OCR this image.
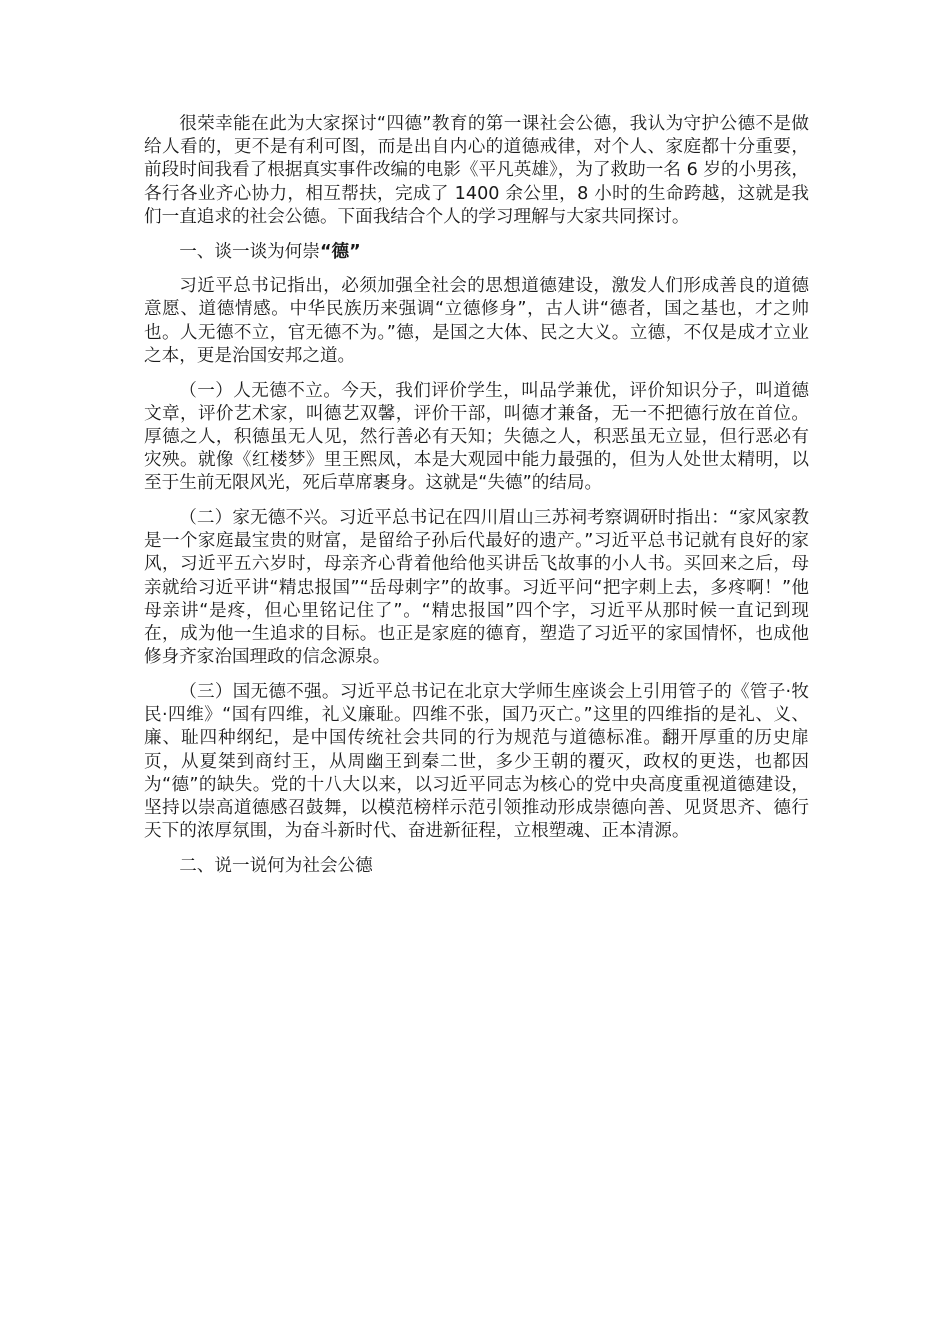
很荣幸能在此为大家探讨“四德”教育的第一课社会公德，我认为守护公德不是做给人看的，更不是有利可图，而是出自内心的道德戒律，对个人、家庭都十分重要，前段时间我看了根据真实事件改编的电影《平凡英雄》，为了救助一名 6 岁的小男孩，各行各业齐心协力，相互帮扶，完成了 1400 余公里，8 小时的生命跨越，这就是我们一直追求的社会公德。下面我结合个人的学习理解与大家共同探讨。

一、谈一谈为何崇“德”

习近平总书记指出，必须加强全社会的思想道德建设，激发人们形成善良的道德意愿、道德情感。中华民族历来强调“立德修身”，古人讲“德者，国之基也，才之帅也。人无德不立，官无德不为。”德，是国之大体、民之大义。立德，不仅是成才立业之本，更是治国安邦之道。

（一）人无德不立。今天，我们评价学生，叫品学兼优，评价知识分子，叫道德文章，评价艺术家，叫德艺双馨，评价干部，叫德才兼备，无一不把德行放在首位。厚德之人，积德虽无人见，然行善必有天知；失德之人，积恶虽无立显，但行恶必有灾殃。就像《红楼梦》里王熙凤，本是大观园中能力最强的，但为人处世太精明，以至于生前无限风光，死后草席裹身。这就是“失德”的结局。

（二）家无德不兴。习近平总书记在四川眉山三苏祠考察调研时指出：“家风家教是一个家庭最宝贵的财富，是留给子孙后代最好的遗产。”习近平总书记就有良好的家风，习近平五六岁时，母亲齐心背着他给他买讲岳飞故事的小人书。买回来之后，母亲就给习近平讲“精忠报国”“岳母刺字”的故事。习近平问“把字刺上去，多疼啊！”他母亲讲“是疼，但心里铭记住了”。“精忠报国”四个字，习近平从那时候一直记到现在，成为他一生追求的目标。也正是家庭的德育，塑造了习近平的家国情怀，也成他修身齐家治国理政的信念源泉。

（三）国无德不强。习近平总书记在北京大学师生座谈会上引用管子的《管子·牧民·四维》“国有四维，礼义廉耻。四维不张，国乃灭亡。”这里的四维指的是礼、义、廉、耻四种纲纪，是中国传统社会共同的行为规范与道德标准。翻开厚重的历史扉页，从夏桀到商纣王，从周幽王到秦二世，多少王朝的覆灭，政权的更迭，也都因为“德”的缺失。党的十八大以来，以习近平同志为核心的党中央高度重视道德建设，坚持以崇高道德感召鼓舞，以模范榜样示范引领推动形成崇德向善、见贤思齐、德行天下的浓厚氛围，为奋斗新时代、奋进新征程，立根塑魂、正本清源。

二、说一说何为社会公德
